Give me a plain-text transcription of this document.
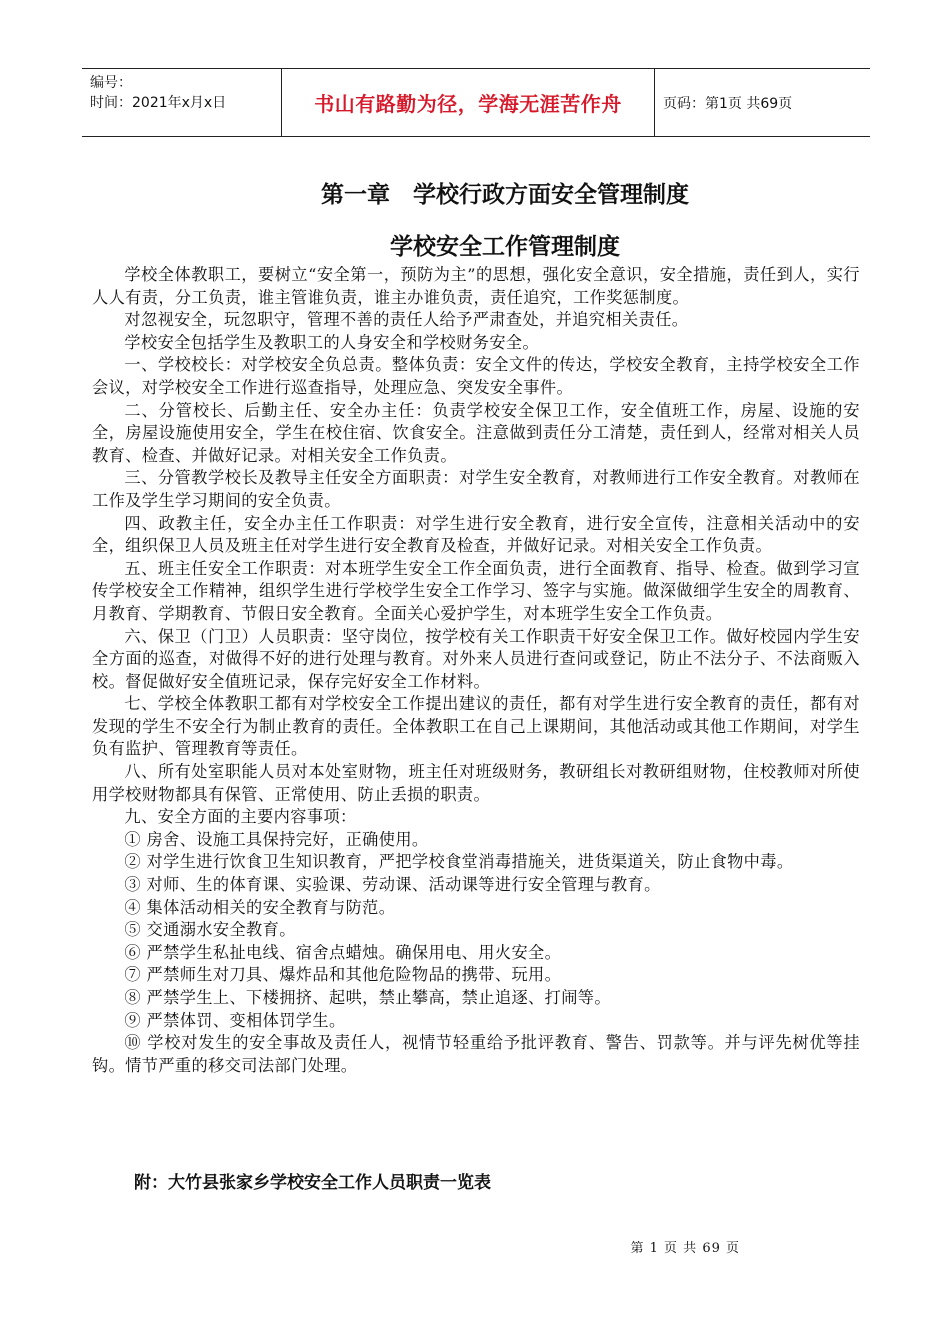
编号：
时间：2021年x月x日	书山有路勤为径，学海无涯苦作舟	页码：第1页 共69页
第一章　学校行政方面安全管理制度
学校安全工作管理制度

学校全体教职工，要树立“安全第一，预防为主”的思想，强化安全意识，安全措施，责任到人，实行人人有责，分工负责，谁主管谁负责，谁主办谁负责，责任追究，工作奖惩制度。

对忽视安全，玩忽职守，管理不善的责任人给予严肃查处，并追究相关责任。

学校安全包括学生及教职工的人身安全和学校财务安全。

一、学校校长：对学校安全负总责。整体负责：安全文件的传达，学校安全教育，主持学校安全工作会议，对学校安全工作进行巡查指导，处理应急、突发安全事件。

二、分管校长、后勤主任、安全办主任：负责学校安全保卫工作，安全值班工作，房屋、设施的安全，房屋设施使用安全，学生在校住宿、饮食安全。注意做到责任分工清楚，责任到人，经常对相关人员教育、检查、并做好记录。对相关安全工作负责。

三、分管教学校长及教导主任安全方面职责：对学生安全教育，对教师进行工作安全教育。对教师在工作及学生学习期间的安全负责。

四、政教主任，安全办主任工作职责：对学生进行安全教育，进行安全宣传，注意相关活动中的安全，组织保卫人员及班主任对学生进行安全教育及检查，并做好记录。对相关安全工作负责。

五、班主任安全工作职责：对本班学生安全工作全面负责，进行全面教育、指导、检查。做到学习宣传学校安全工作精神，组织学生进行学校学生安全工作学习、签字与实施。做深做细学生安全的周教育、月教育、学期教育、节假日安全教育。全面关心爱护学生，对本班学生安全工作负责。

六、保卫（门卫）人员职责：坚守岗位，按学校有关工作职责干好安全保卫工作。做好校园内学生安全方面的巡查，对做得不好的进行处理与教育。对外来人员进行查问或登记，防止不法分子、不法商贩入校。督促做好安全值班记录，保存完好安全工作材料。

七、学校全体教职工都有对学校安全工作提出建议的责任，都有对学生进行安全教育的责任，都有对发现的学生不安全行为制止教育的责任。全体教职工在自己上课期间，其他活动或其他工作期间，对学生负有监护、管理教育等责任。

八、所有处室职能人员对本处室财物，班主任对班级财务，教研组长对教研组财物，住校教师对所使用学校财物都具有保管、正常使用、防止丢损的职责。

九、安全方面的主要内容事项：

① 房舍、设施工具保持完好，正确使用。

② 对学生进行饮食卫生知识教育，严把学校食堂消毒措施关，进货渠道关，防止食物中毒。

③ 对师、生的体育课、实验课、劳动课、活动课等进行安全管理与教育。

④ 集体活动相关的安全教育与防范。

⑤ 交通溺水安全教育。

⑥ 严禁学生私扯电线、宿舍点蜡烛。确保用电、用火安全。

⑦ 严禁师生对刀具、爆炸品和其他危险物品的携带、玩用。

⑧ 严禁学生上、下楼拥挤、起哄，禁止攀高，禁止追逐、打闹等。

⑨ 严禁体罚、变相体罚学生。

⑩ 学校对发生的安全事故及责任人，视情节轻重给予批评教育、警告、罚款等。并与评先树优等挂钩。情节严重的移交司法部门处理。

附：大竹县张家乡学校安全工作人员职责一览表
第 1 页 共 69 页
